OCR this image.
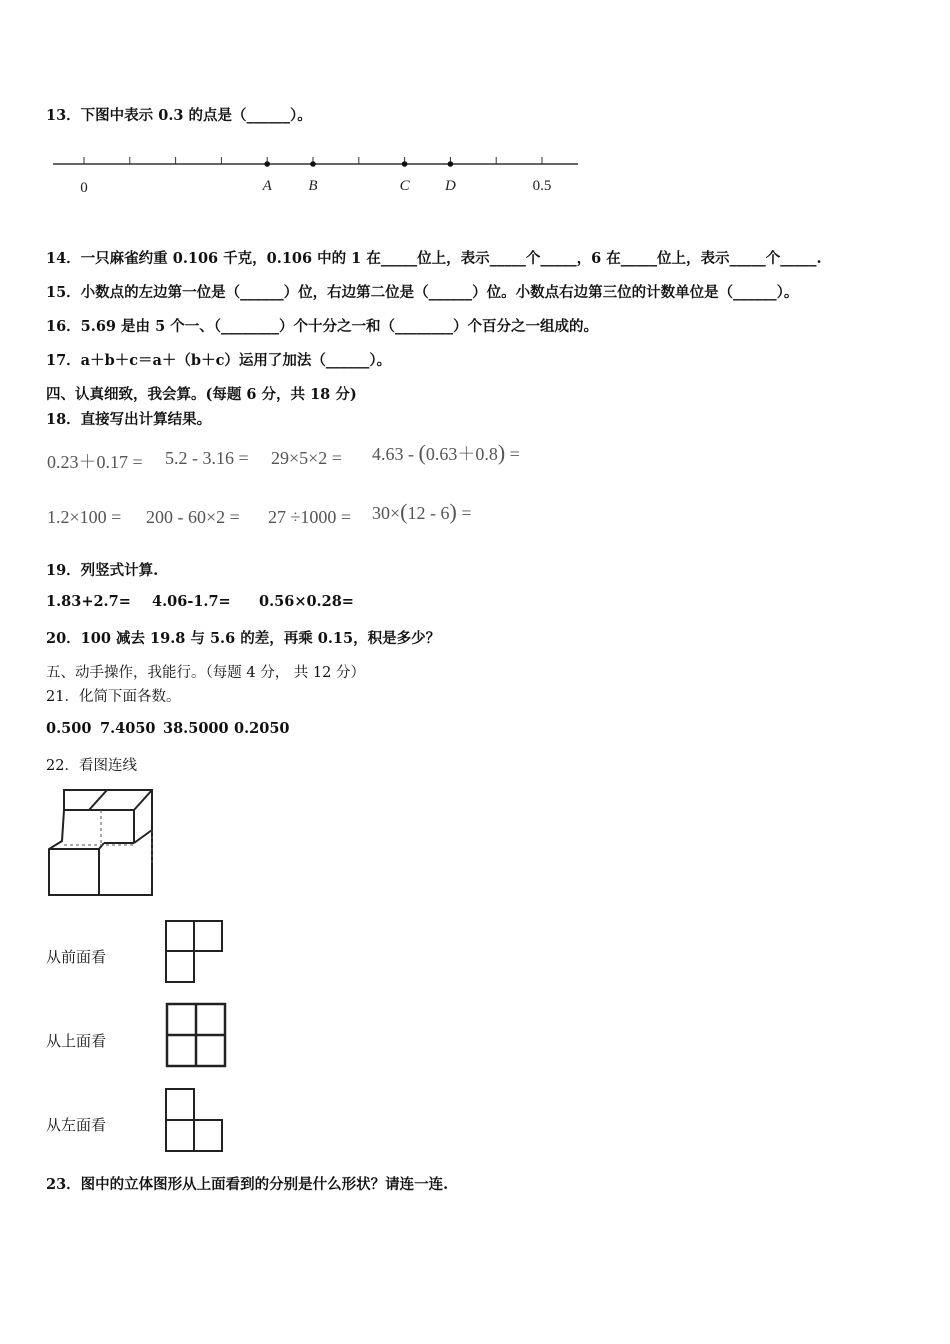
13．下图中表示 0.3 的点是（______）。
A B	C D
0	0.5
14．一只麻雀约重 0.106 千克，0.106 中的 1 在_____位上，表示_____个_____，6 在_____位上，表示_____个_____.
15．小数点的左边第一位是（______）位，右边第二位是（______）位。小数点右边第三位的计数单位是（______）。
16．5.69 是由 5 个一、（________）个十分之一和（________）个百分之一组成的。
17．a＋b＋c＝a＋（b＋c）运用了加法（______）。
四、认真细致，我会算。(每题 6 分，共 18 分)
18．直接写出计算结果。
0.23＋0.17 = 5.2 - 3.16 = 29×5×2 = 4.63 - (0.63＋0.8) =
1.2×100 = 200 - 60×2 = 27 ÷1000 = 30×(12 - 6) =
19．列竖式计算.
1.83+2.7= 4.06-1.7= 0.56×0.28=
20．100 减去 19.8 与 5.6 的差，再乘 0.15，积是多少？
五、动手操作，我能行。（每题 4 分， 共 12 分）
21．化简下面各数。
0.500 7.4050 38.5000 0.2050
22．看图连线
从前面看
从上面看
从左面看
23．图中的立体图形从上面看到的分别是什么形状？请连一连.
